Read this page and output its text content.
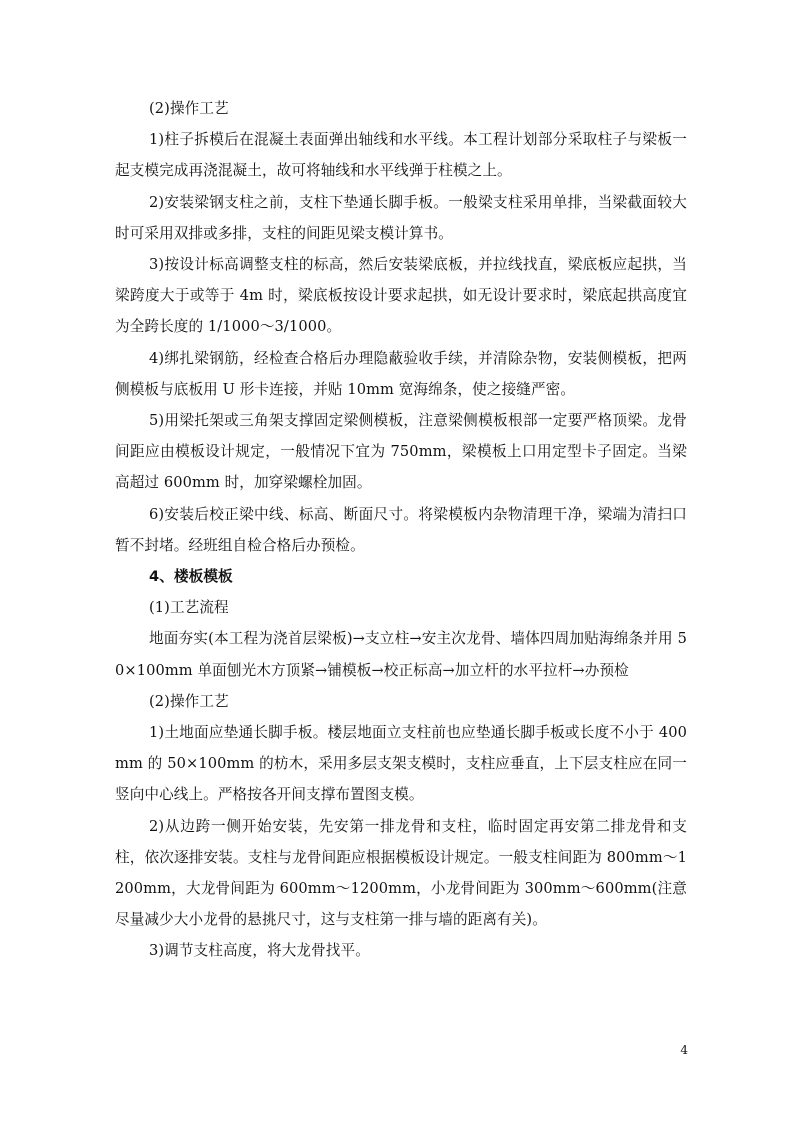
(2)操作工艺

1)柱子拆模后在混凝土表面弹出轴线和水平线。本工程计划部分采取柱子与梁板一起支模完成再浇混凝土，故可将轴线和水平线弹于柱模之上。

2)安装梁钢支柱之前，支柱下垫通长脚手板。一般梁支柱采用单排，当梁截面较大时可采用双排或多排，支柱的间距见梁支模计算书。

3)按设计标高调整支柱的标高，然后安装梁底板，并拉线找直，梁底板应起拱，当梁跨度大于或等于 4m 时，梁底板按设计要求起拱，如无设计要求时，梁底起拱高度宜为全跨长度的 1/1000～3/1000。

4)绑扎梁钢筋，经检查合格后办理隐蔽验收手续，并清除杂物，安装侧模板，把两侧模板与底板用 U 形卡连接，并贴 10mm 宽海绵条，使之接缝严密。

5)用梁托架或三角架支撑固定梁侧模板，注意梁侧模板根部一定要严格顶梁。龙骨间距应由模板设计规定，一般情况下宜为 750mm，梁模板上口用定型卡子固定。当梁高超过 600mm 时，加穿梁螺栓加固。

6)安装后校正梁中线、标高、断面尺寸。将梁模板内杂物清理干净，梁端为清扫口暂不封堵。经班组自检合格后办预检。

4、楼板模板

(1)工艺流程

地面夯实(本工程为浇首层梁板)→支立柱→安主次龙骨、墙体四周加贴海绵条并用 50×100mm 单面刨光木方顶紧→铺模板→校正标高→加立杆的水平拉杆→办预检

(2)操作工艺

1)土地面应垫通长脚手板。楼层地面立支柱前也应垫通长脚手板或长度不小于 400mm 的 50×100mm 的枋木，采用多层支架支模时，支柱应垂直，上下层支柱应在同一竖向中心线上。严格按各开间支撑布置图支模。

2)从边跨一侧开始安装，先安第一排龙骨和支柱，临时固定再安第二排龙骨和支柱，依次逐排安装。支柱与龙骨间距应根据模板设计规定。一般支柱间距为 800mm～1200mm，大龙骨间距为 600mm～1200mm，小龙骨间距为 300mm～600mm(注意尽量减少大小龙骨的悬挑尺寸，这与支柱第一排与墙的距离有关)。

3)调节支柱高度，将大龙骨找平。

4
